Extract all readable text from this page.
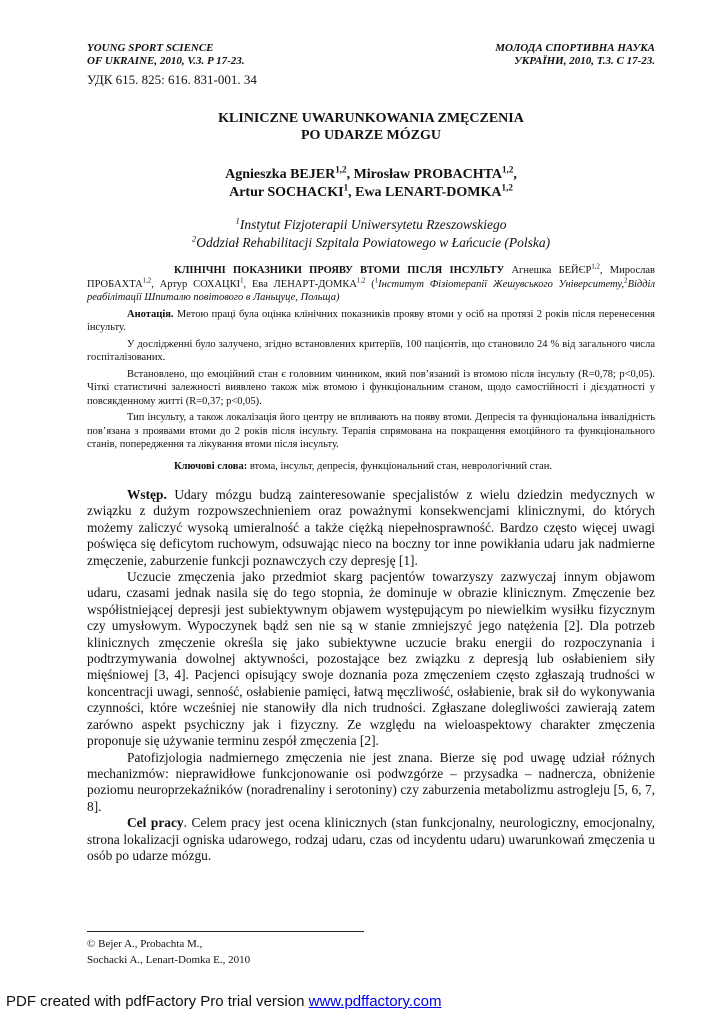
YOUNG SPORT SCIENCE
OF UKRAINE, 2010, V.3. P 17-23.
МОЛОДА СПОРТИВНА НАУКА
УКРАЇНИ, 2010, Т.3. С 17-23.
УДК 615. 825: 616. 831-001. 34
KLINICZNE UWARUNKOWANIA ZMĘCZENIA
PO UDARZE MÓZGU
Agnieszka BEJER$^{1,2}$, Mirosław PROBACHTA$^{1,2}$,
Artur SOCHACKI$^1$, Ewa LENART-DOMKA$^{1,2}$
$^1$Instytut Fizjoterapii Uniwersytetu Rzeszowskiego
$^2$Oddział Rehabilitacji Szpitala Powiatowego w Łańcucie (Polska)

КЛІНІЧНІ ПОКАЗНИКИ ПРОЯВУ ВТОМИ ПІСЛЯ ІНСУЛЬТУ Агнешка БЕЙЄР$^{1,2}$, Мирослав ПРОБАХТА$^{1,2}$, Артур СОХАЦКІ$^1$, Ева ЛЕНАРТ-ДОМКА$^{1,2}$ ($^1$Інститут Фізіотерапії Жешувського Університету,$^2$Відділ реабілітації Шпиталю повітового в Ланьцуце, Польща)

Анотація. Метою праці була оцінка клінічних показників прояву втоми у осіб на протязі 2 років після перенесення інсульту.

У дослідженні було залучено, згідно встановлених критеріїв, 100 пацієнтів, що становило 24 % від загального числа госпіталізованих.

Встановлено, що емоційний стан є головним чинником, який пов’язаний із втомою після інсульту (R=0,78; p<0,05). Чіткі статистичні залежності виявлено також між втомою і функціональним станом, щодо самостійності і дієздатності у повсякденному житті (R=0,37; p<0,05).

Тип інсульту, а також локалізація його центру не впливають на появу втоми. Депресія та функціональна інвалідність пов’язана з проявами втоми до 2 років після інсульту. Терапія спрямована на покращення емоційного та функціонального станів, попередження та лікування втоми після інсульту.

Ключові слова: втома, інсульт, депресія, функціональний стан, неврологічний стан.

Wstęp. Udary mózgu budzą zainteresowanie specjalistów z wielu dziedzin medycznych w związku z dużym rozpowszechnieniem oraz poważnymi konsekwencjami klinicznymi, do których możemy zaliczyć wysoką umieralność a także ciężką niepełnosprawność. Bardzo często więcej uwagi poświęca się deficytom ruchowym, odsuwając nieco na boczny tor inne powikłania udaru jak nadmierne zmęczenie, zaburzenie funkcji poznawczych czy depresję [1].

Uczucie zmęczenia jako przedmiot skarg pacjentów towarzyszy zazwyczaj innym objawom udaru, czasami jednak nasila się do tego stopnia, że dominuje w obrazie klinicznym. Zmęczenie bez współistniejącej depresji jest subiektywnym objawem występującym po niewielkim wysiłku fizycznym czy umysłowym. Wypoczynek bądź sen nie są w stanie zmniejszyć jego natężenia [2]. Dla potrzeb klinicznych zmęczenie określa się jako subiektywne uczucie braku energii do rozpoczynania i podtrzymywania dowolnej aktywności, pozostające bez związku z depresją lub osłabieniem siły mięśniowej [3, 4]. Pacjenci opisujący swoje doznania poza zmęczeniem często zgłaszają trudności w koncentracji uwagi, senność, osłabienie pamięci, łatwą męczliwość, osłabienie, brak sił do wykonywania czynności, które wcześniej nie stanowiły dla nich trudności. Zgłaszane dolegliwości zawierają zatem zarówno aspekt psychiczny jak i fizyczny. Ze względu na wieloaspektowy charakter zmęczenia proponuje się używanie terminu zespół zmęczenia [2].

Patofizjologia nadmiernego zmęczenia nie jest znana. Bierze się pod uwagę udział różnych mechanizmów: nieprawidłowe funkcjonowanie osi podwzgórze – przysadka – nadnercza, obniżenie poziomu neuroprzekaźników (noradrenaliny i serotoniny) czy zaburzenia metabolizmu astrogleju [5, 6, 7, 8].

Cel pracy. Celem pracy jest ocena klinicznych (stan funkcjonalny, neurologiczny, emocjonalny, strona lokalizacji ogniska udarowego, rodzaj udaru, czas od incydentu udaru) uwarunkowań zmęczenia u osób po udarze mózgu.

© Bejer A., Probachta M.,
Sochacki A., Lenart-Domka E., 2010
PDF created with pdfFactory Pro trial version www.pdffactory.com
